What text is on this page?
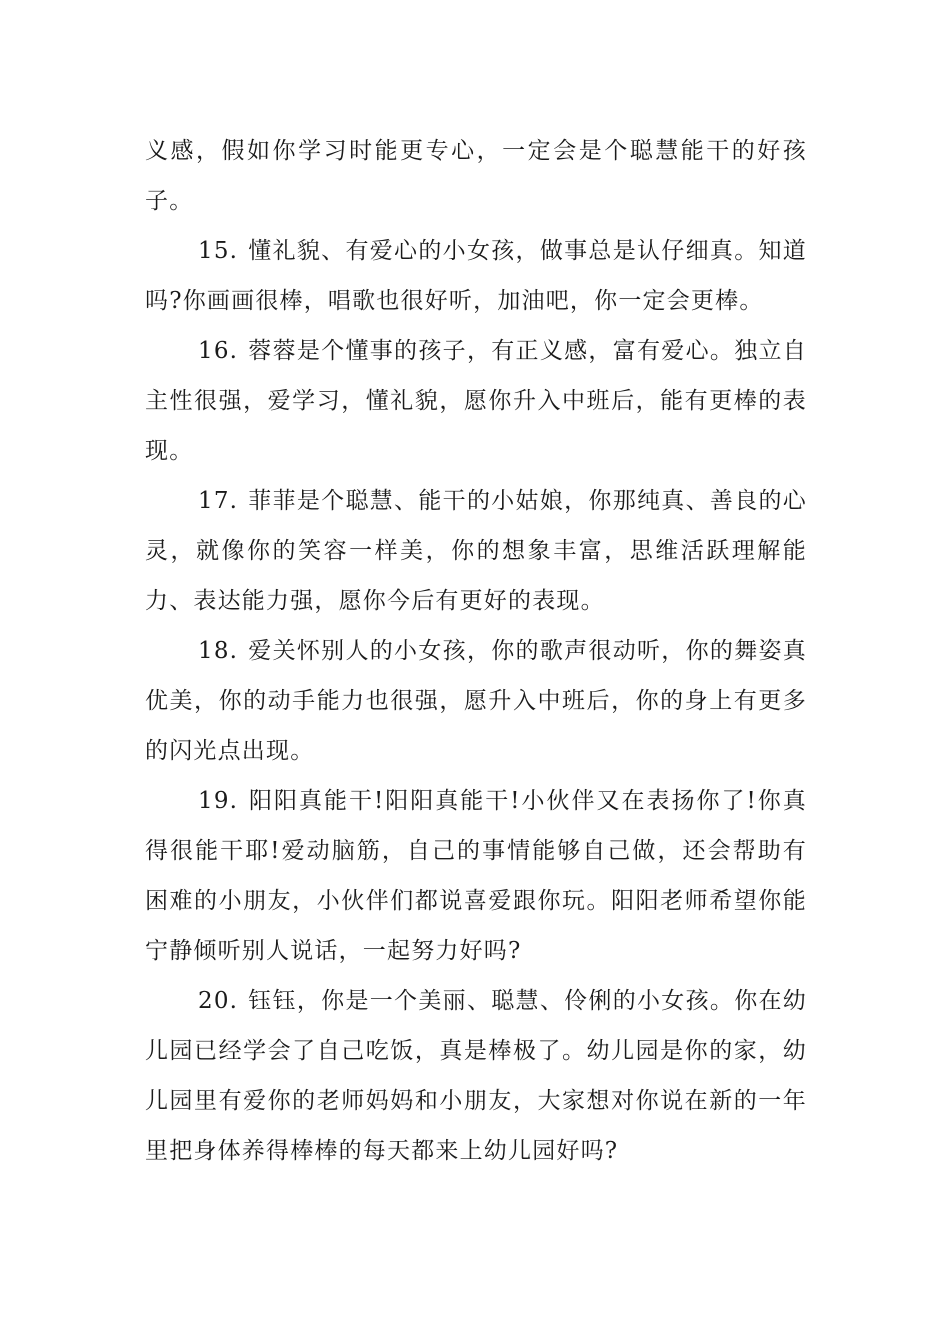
义感，假如你学习时能更专心，一定会是个聪慧能干的好孩子。

15. 懂礼貌、有爱心的小女孩，做事总是认仔细真。知道吗?你画画很棒，唱歌也很好听，加油吧，你一定会更棒。

16. 蓉蓉是个懂事的孩子，有正义感，富有爱心。独立自主性很强，爱学习，懂礼貌，愿你升入中班后，能有更棒的表现。

17. 菲菲是个聪慧、能干的小姑娘，你那纯真、善良的心灵，就像你的笑容一样美，你的想象丰富，思维活跃理解能力、表达能力强，愿你今后有更好的表现。

18. 爱关怀别人的小女孩，你的歌声很动听，你的舞姿真优美，你的动手能力也很强，愿升入中班后，你的身上有更多的闪光点出现。

19. 阳阳真能干!阳阳真能干!小伙伴又在表扬你了!你真得很能干耶!爱动脑筋，自己的事情能够自己做，还会帮助有困难的小朋友，小伙伴们都说喜爱跟你玩。阳阳老师希望你能宁静倾听别人说话，一起努力好吗?

20. 钰钰，你是一个美丽、聪慧、伶俐的小女孩。你在幼儿园已经学会了自己吃饭，真是棒极了。幼儿园是你的家，幼儿园里有爱你的老师妈妈和小朋友，大家想对你说在新的一年里把身体养得棒棒的每天都来上幼儿园好吗?
